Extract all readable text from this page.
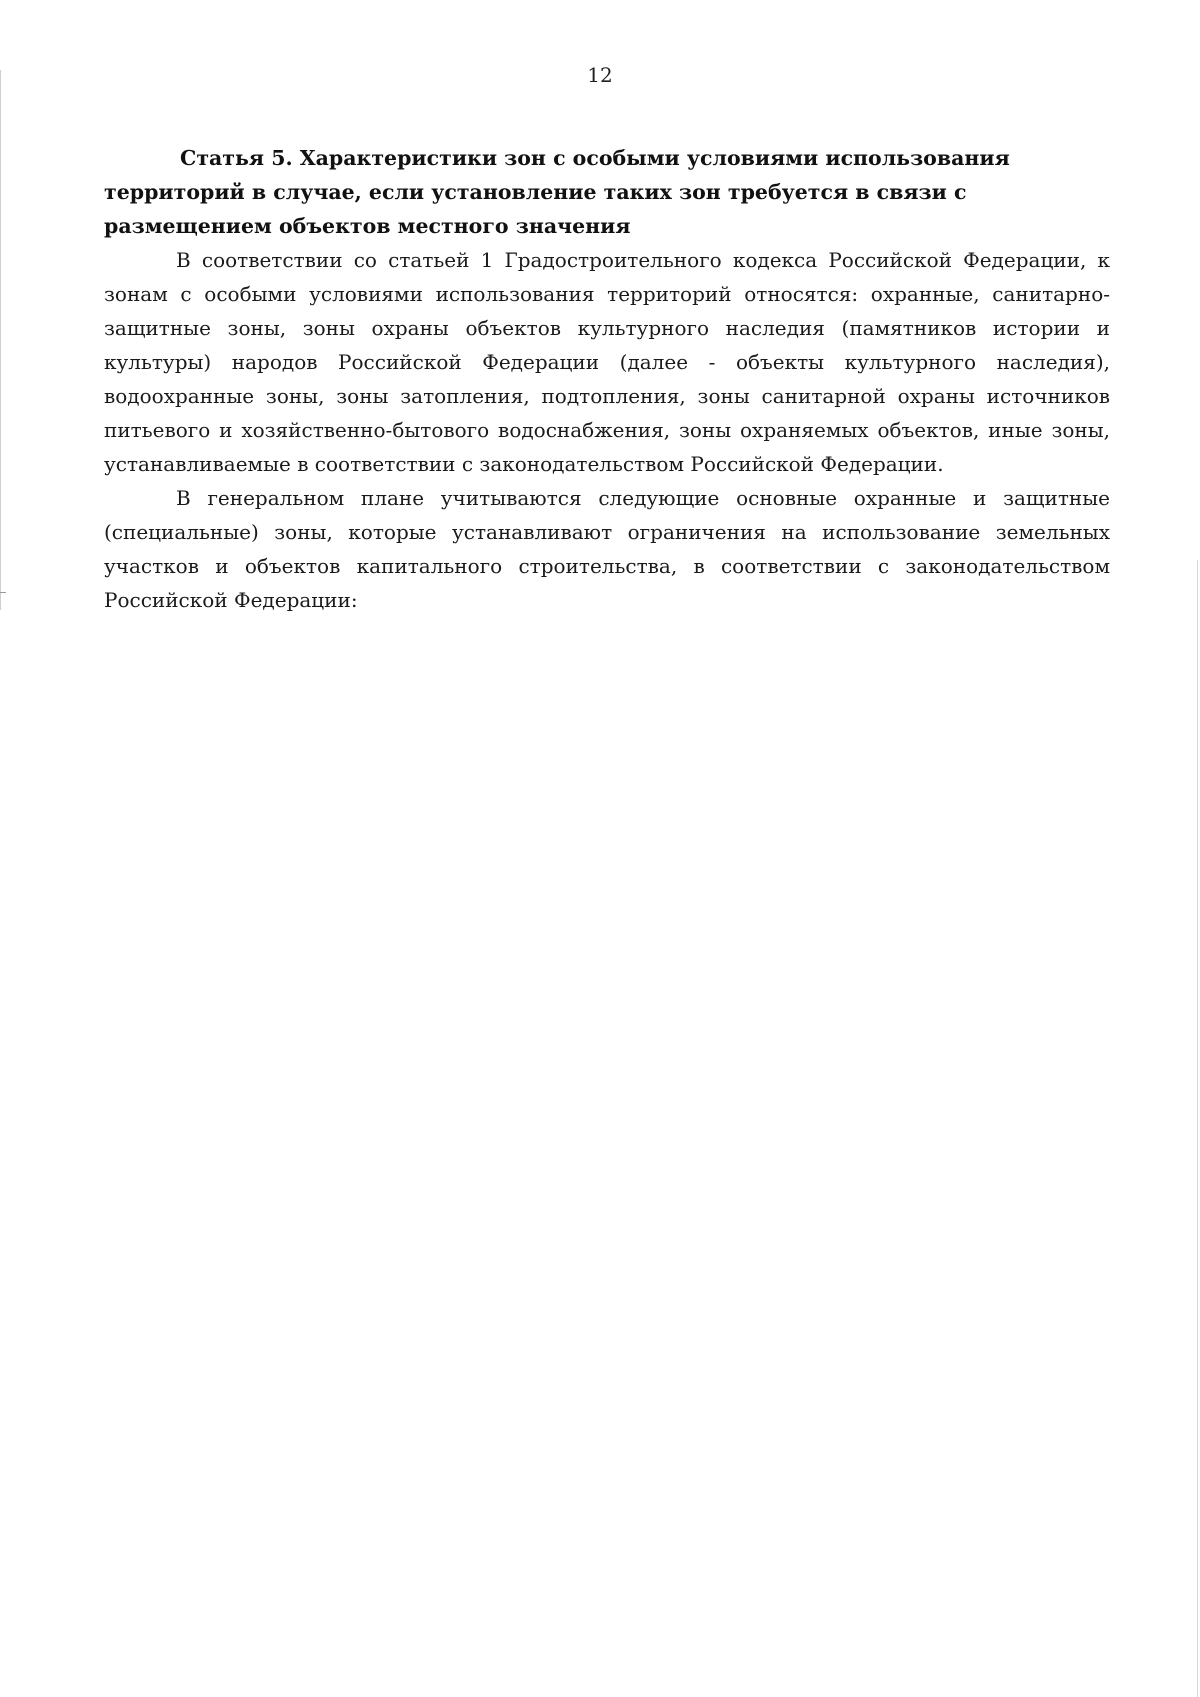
12

Статья 5. Характеристики зон с особыми условиями использования территорий в случае, если установление таких зон требуется в связи с размещением объектов местного значения

В соответствии со статьей 1 Градостроительного кодекса Российской Федерации, к зонам с особыми условиями использования территорий относятся: охранные, санитарно-защитные зоны, зоны охраны объектов культурного наследия (памятников истории и культуры) народов Российской Федерации (далее - объекты культурного наследия), водоохранные зоны, зоны затопления, подтопления, зоны санитарной охраны источников питьевого и хозяйственно-бытового водоснабжения, зоны охраняемых объектов, иные зоны, устанавливаемые в соответствии с законодательством Российской Федерации.

В генеральном плане учитываются следующие основные охранные и защитные (специальные) зоны, которые устанавливают ограничения на использование земельных участков и объектов капитального строительства, в соответствии с законодательством Российской Федерации:
